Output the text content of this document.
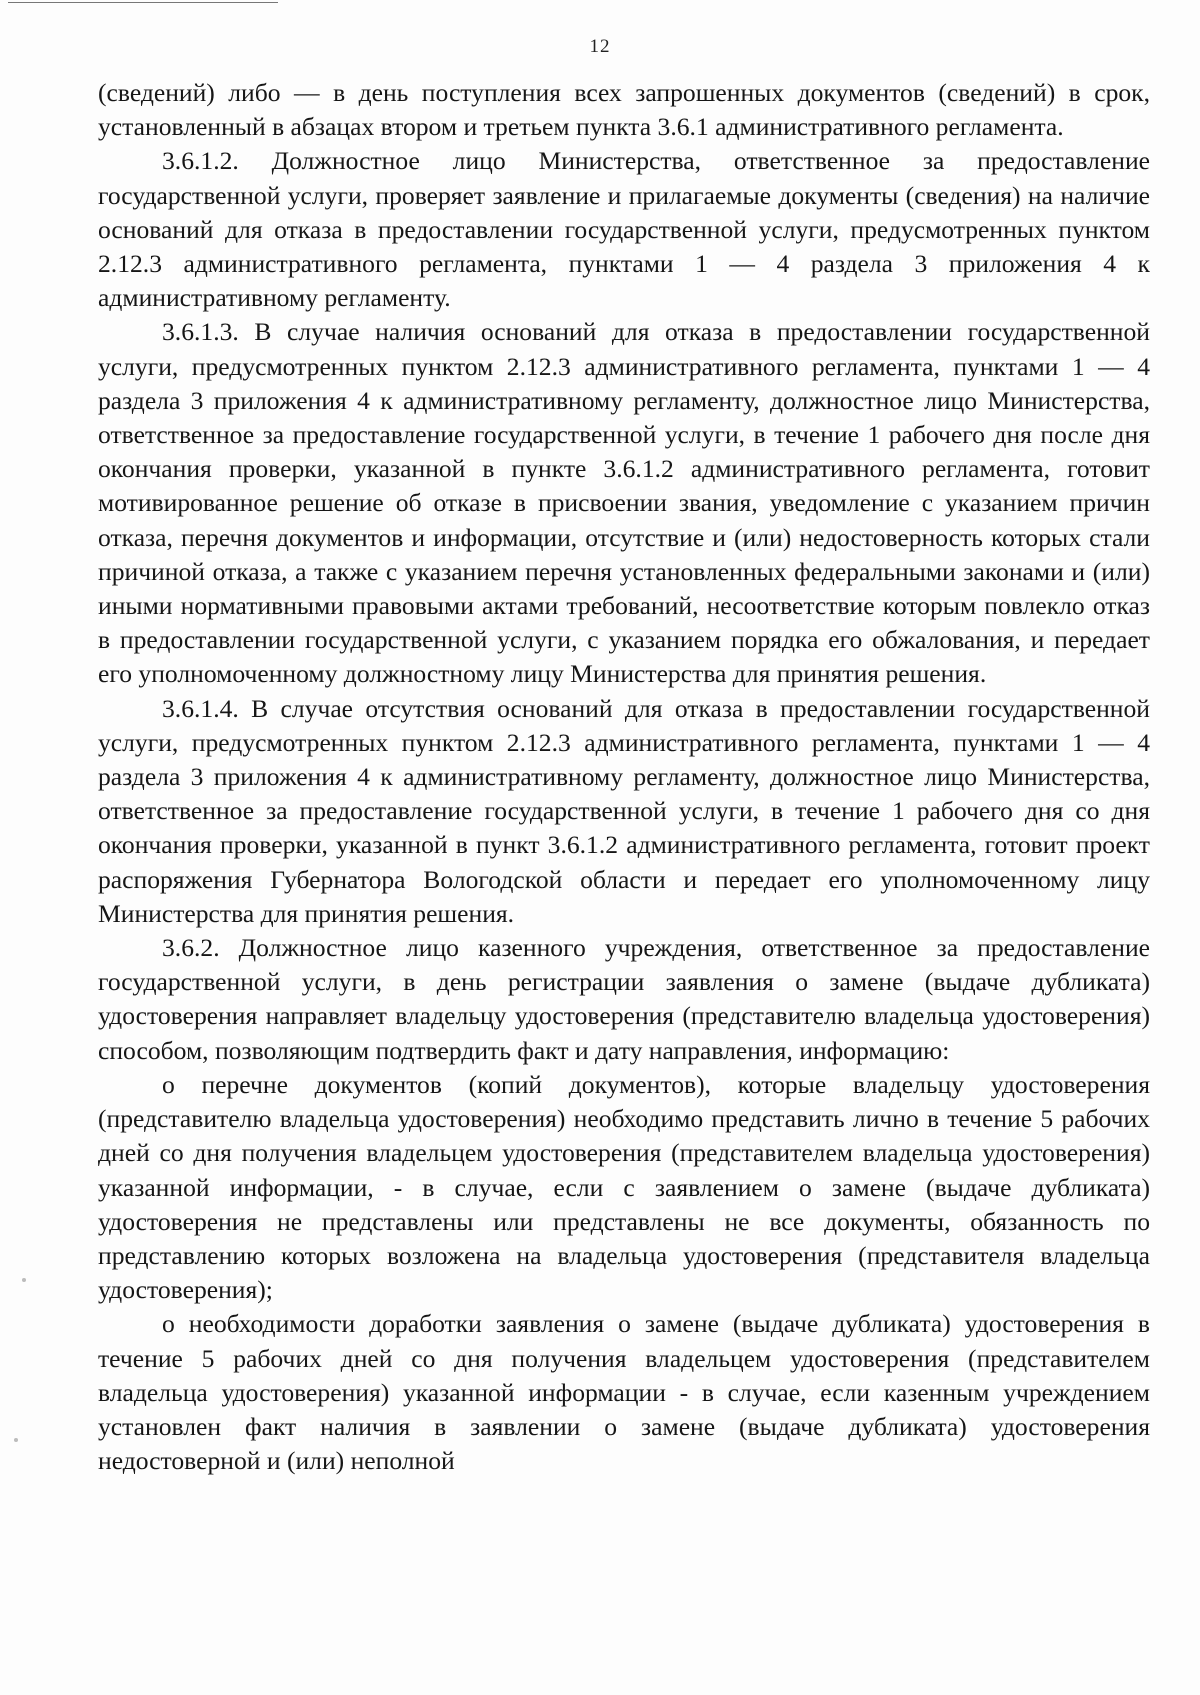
12

(сведений) либо — в день поступления всех запрошенных документов (сведений) в срок, установленный в абзацах втором и третьем пункта 3.6.1 административного регламента.

3.6.1.2. Должностное лицо Министерства, ответственное за предоставление государственной услуги, проверяет заявление и прилагаемые документы (сведения) на наличие оснований для отказа в предоставлении государственной услуги, предусмотренных пунктом 2.12.3 административного регламента, пунктами 1 — 4 раздела 3 приложения 4 к административному регламенту.

3.6.1.3. В случае наличия оснований для отказа в предоставлении государственной услуги, предусмотренных пунктом 2.12.3 административного регламента, пунктами 1 — 4 раздела 3 приложения 4 к административному регламенту, должностное лицо Министерства, ответственное за предоставление государственной услуги, в течение 1 рабочего дня после дня окончания проверки, указанной в пункте 3.6.1.2 административного регламента, готовит мотивированное решение об отказе в присвоении звания, уведомление с указанием причин отказа, перечня документов и информации, отсутствие и (или) недостоверность которых стали причиной отказа, а также с указанием перечня установленных федеральными законами и (или) иными нормативными правовыми актами требований, несоответствие которым повлекло отказ в предоставлении государственной услуги, с указанием порядка его обжалования, и передает его уполномоченному должностному лицу Министерства для принятия решения.

3.6.1.4. В случае отсутствия оснований для отказа в предоставлении государственной услуги, предусмотренных пунктом 2.12.3 административного регламента, пунктами 1 — 4 раздела 3 приложения 4 к административному регламенту, должностное лицо Министерства, ответственное за предоставление государственной услуги, в течение 1 рабочего дня со дня окончания проверки, указанной в пункт 3.6.1.2 административного регламента, готовит проект распоряжения Губернатора Вологодской области и передает его уполномоченному лицу Министерства для принятия решения.

3.6.2. Должностное лицо казенного учреждения, ответственное за предоставление государственной услуги, в день регистрации заявления о замене (выдаче дубликата) удостоверения направляет владельцу удостоверения (представителю владельца удостоверения) способом, позволяющим подтвердить факт и дату направления, информацию:

о перечне документов (копий документов), которые владельцу удостоверения (представителю владельца удостоверения) необходимо представить лично в течение 5 рабочих дней со дня получения владельцем удостоверения (представителем владельца удостоверения) указанной информации, - в случае, если с заявлением о замене (выдаче дубликата) удостоверения не представлены или представлены не все документы, обязанность по представлению которых возложена на владельца удостоверения (представителя владельца удостоверения);

о необходимости доработки заявления о замене (выдаче дубликата) удостоверения в течение 5 рабочих дней со дня получения владельцем удостоверения (представителем владельца удостоверения) указанной информации - в случае, если казенным учреждением установлен факт наличия в заявлении о замене (выдаче дубликата) удостоверения недостоверной и (или) неполной
